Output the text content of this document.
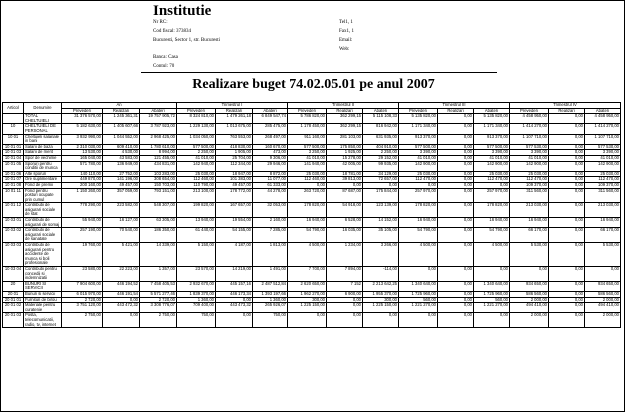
Institutie
Nr RC:
Cod fiscal: 373834
Bucuresti, Sector 1, str. Bucuresti
Banca: Casa
Contul: 70
Tel1, 1
Fax1, 1
Email:
Web:
Realizare buget 74.02.05.01 pe anul 2007
Articol	Denumire	An			Trimestrul I			Trimestrul II			Trimestrul III			Trimestrul IV		
		Prevederi	Realizari	Abateri	Prevederi	Realizari	Abateri	Prevederi	Realizari	Abateri	Prevederi	Realizari	Abateri	Prevederi	Realizari	Abateri
	TOTAL CHELTUIELI	31 376 570,00	1 245 361,31	19 757 905,72	8 324 810,00	1 479 261,18	6 849 547,74	5 786 820,00	362 299,15	5 115 108,33	5 135 820,00	0,00	5 135 820,00	4 458 950,00	0,00	4 458 950,00
10	CHELTUIELI DE PERSONAL	5 182 630,00	1 405 607,66	3 787 923,00	1 229 130,00	1 013 675,00	285 475,00	1 178 450,00	362 299,15	816 942,00	1 171 340,00	0,00	1 171 340,00	1 414 270,00	0,00	1 414 270,00
10 01	Cheltuieli salariale in bani	3 932 990,00	1 044 552,00	2 968 425,00	1 034 050,00	763 553,00	268 497,00	911 160,00	281 103,00	631 935,00	913 370,00	0,00	913 370,00	1 107 710,00	0,00	1 107 710,00
10 01 01	Salarii de baza	2 310 030,00	609 410,00	1 780 610,00	577 500,00	418 830,00	160 670,00	577 500,00	175 850,00	404 910,00	577 500,00	0,00	577 500,00	577 530,00	0,00	577 530,00
10 01 03	Salarii de merit	13 530,00	4 530,00	8 994,00	2 250,00	1 905,00	473,00	3 250,00	1 925,00	2 250,00	3 390,00	0,00	3 390,00	3 390,00	0,00	3 390,00
10 01 04	Spor de vechime	165 040,00	43 583,00	121 455,00	41 010,00	25 704,00	9 306,00	41 010,00	15 278,00	29 152,00	41 010,00	0,00	41 010,00	41 010,00	0,00	41 010,00
10 01 05	Sporuri pentru conditii de munca	571 780,00	136 949,00	434 831,00	142 940,00	112 344,00	29 946,00	141 940,00	42 005,00	99 935,00	142 900,00	0,00	142 900,00	142 900,00	0,00	142 900,00
10 01 06	Alte sporuri	140 110,00	27 752,00	103 283,00	25 030,00	18 947,00	8 872,00	25 030,00	18 781,00	34 129,00	25 030,00	0,00	25 030,00	25 030,00	0,00	25 030,00
10 01 07	Ore suplimentare	449 870,00	141 196,00	308 654,00	112 460,00	101 383,00	11 077,00	112 460,00	39 813,00	72 657,00	112 470,00	0,00	112 470,00	112 470,00	0,00	112 470,00
10 01 08	Fond de premii	200 160,00	49 457,00	150 703,00	110 790,00	49 457,00	61 333,00	0,00	0,00	0,00	0,00	0,00	0,00	109 370,00	0,00	109 370,00
10 01 11	Fond pentru posturi ocupate prin cumul	1 150 260,00	357 059,00	793 151,00	213 100,00	178 772,00	44 278,00	263 720,00	87 687,00	175 844,00	257 970,00	0,00	257 970,00	311 560,00	0,00	311 560,00
10 01 12	Contributii de asigurari sociale de stat	778 290,00	223 582,00	548 307,00	199 820,00	167 657,00	32 053,00	178 820,00	54 918,00	123 139,00	178 820,00	0,00	178 820,00	213 030,00	0,00	213 030,00
10 03 01	Contributii de asigurari de somaj	55 940,00	16 127,00	63 305,00	13 940,00	19 554,00	2 160,00	16 940,00	6 528,00	14 152,00	16 940,00	0,00	16 940,00	16 940,00	0,00	16 940,00
10 03 02	Contributii de asigurari sociale de sanatate	257 190,00	70 540,00	186 350,00	61 440,00	54 155,00	7 285,00	54 790,00	16 035,00	35 105,00	54 790,00	0,00	54 790,00	66 170,00	0,00	66 170,00
10 03 03	Contributii de asigurari pentru accidente de munca si boli profesionale	19 760,00	5 421,00	14 339,00	5 150,00	4 187,00	1 813,00	4 500,00	1 234,00	3 266,00	4 500,00	0,00	4 500,00	5 530,00	0,00	5 530,00
10 03 04	Contributii pentru concedii si indemnizatii	23 580,00	22 223,00	1 357,00	23 570,00	14 219,00	1 491,00	7 700,00	7 894,00	-114,00	0,00	0,00	0,00	0,00	0,00	0,00
20	BUNURI SI SERVICII	7 904 600,00	446 194,52	7 458 405,53	2 932 670,00	445 157,16	2 487 512,84	2 620 650,00	7 152	2 213 642,25	1 340 640,00	0,00	1 340 640,00	934 650,00	0,00	934 650,00
20 01	Bunuri si servicii	6 015 970,00	446 191,54	5 571 277,46	1 839 370,00	446 173,34	1 393 197,66	1 962 270,00	6 900,00	1 955 370,00	1 725 960,00	0,00	1 725 960,00	586 560,00	0,00	586 560,00
20 01 01	Furnituri de birou	2 720,00	0,00	2 720,00	1 360,00	0,00	1 360,00	300,00	0,00	300,00	560,00	0,00	560,00	2 000,00	0,00	2 000,00
20 01 02	Materiale pentru curatenie	3 751 120,00	443 472,32	3 308 776,07	709 400,00	443 473,32	265 926,07	1 225 150,00	0,00	1 225 150,00	1 221 270,00	0,00	1 221 270,00	494 410,00	0,00	494 410,00
20 01 03	Posta, telecomunicatii, radio, tv, internet	2 750,00	0,00	2 750,00	750,00	0,00	750,00	0,00	0,00	0,00	0,00	0,00	0,00	2 000,00	0,00	2 000,00
